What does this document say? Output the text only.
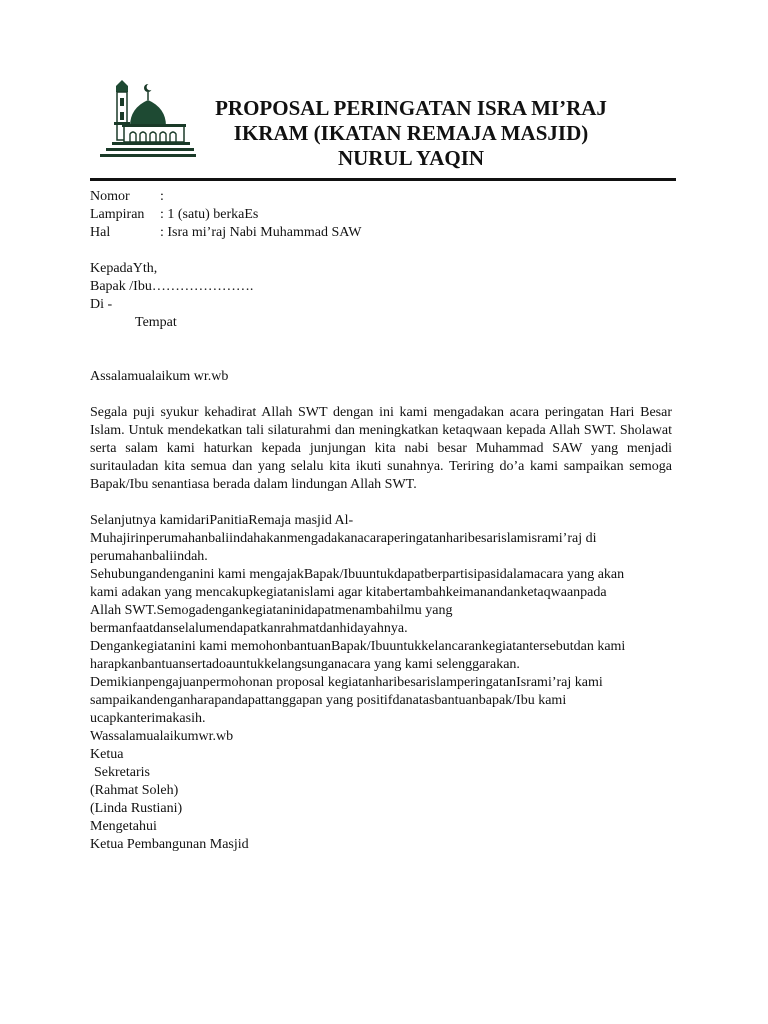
PROPOSAL PERINGATAN ISRA MI’RAJ
IKRAM (IKATAN REMAJA MASJID)
NURUL YAQIN
Nomor	:
Lampiran	: 1 (satu) berkaEs
Hal	: Isra mi’raj Nabi Muhammad SAW
KepadaYth,
Bapak /Ibu………………….
Di -
Tempat
Assalamualaikum wr.wb

Segala puji syukur kehadirat Allah SWT dengan ini kami mengadakan acara peringatan Hari Besar Islam. Untuk mendekatkan tali silaturahmi dan meningkatkan ketaqwaan kepada Allah SWT. Sholawat serta salam kami haturkan kepada junjungan kita nabi besar Muhammad SAW yang menjadi suritauladan kita semua dan yang selalu kita ikuti sunahnya. Teriring do’a kami sampaikan semoga Bapak/Ibu senantiasa berada dalam lindungan Allah SWT.

Selanjutnya kamidariPanitiaRemaja masjid Al-
Muhajirinperumahanbaliindahakanmengadakanacaraperingatanharibesarislamisrami’raj di
perumahanbaliindah.
Sehubungandenganini kami mengajakBapak/Ibuuntukdapatberpartisipasidalamacara yang akan
kami adakan yang mencakupkegiatanislami agar kitabertambahkeimanandanketaqwaanpada
Allah SWT.Semogadengankegiataninidapatmenambahilmu yang
bermanfaatdanselalumendapatkanrahmatdanhidayahnya.
Dengankegiatanini kami memohonbantuanBapak/Ibuuntukkelancarankegiatantersebutdan kami
harapkanbantuansertadoauntukkelangsunganacara yang kami selenggarakan.
Demikianpengajuanpermohonan proposal kegiatanharibesarislamperingatanIsrami’raj kami
sampaikandenganharapandapattanggapan yang positifdanatasbantuanbapak/Ibu kami
ucapkanterimakasih.
Wassalamualaikumwr.wb
Ketua
Sekretaris
(Rahmat Soleh)
(Linda Rustiani)
Mengetahui
Ketua Pembangunan Masjid
